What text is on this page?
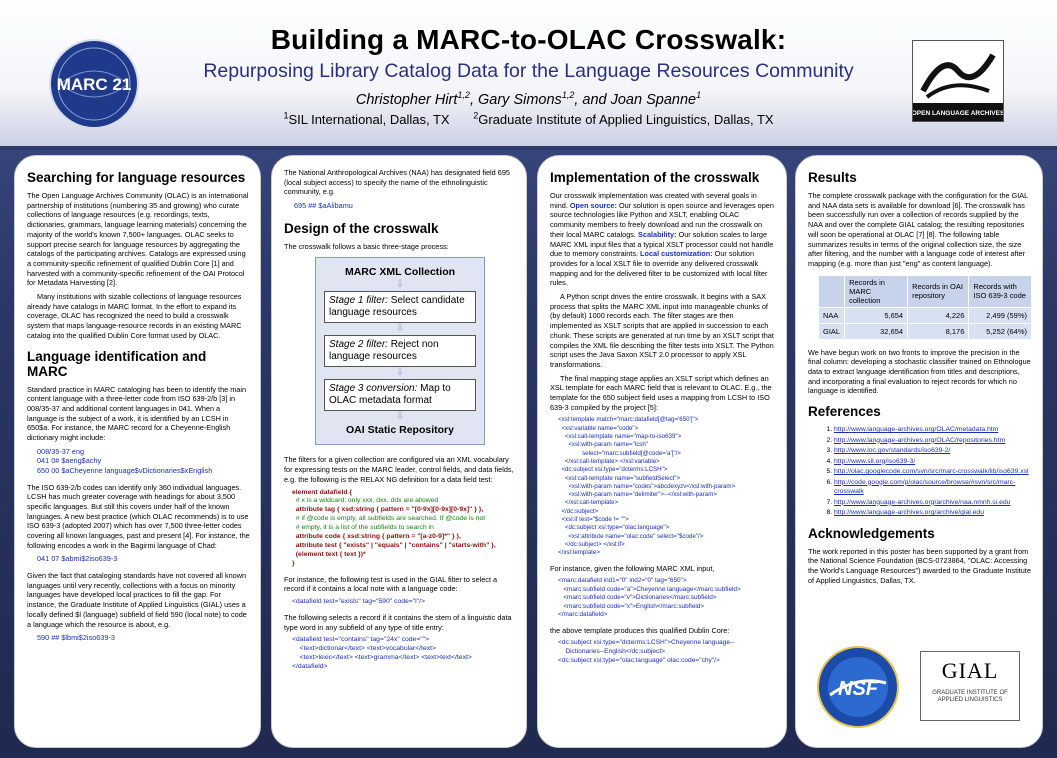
MARC 21
Building a MARC-to-OLAC Crosswalk:
Repurposing Library Catalog Data for the Language Resources Community
Christopher Hirt$^{1,2}$, Gary Simons$^{1,2}$, and Joan Spanne$^1$
$^1$SIL International, Dallas, TX	$^2$Graduate Institute of Applied Linguistics, Dallas, TX	OPEN LANGUAGE ARCHIVES
Searching for language resources

The Open Language Archives Community (OLAC) is an international partnership of institutions (numbering 35 and growing) who curate collections of language resources (e.g. recordings, texts, dictionaries, grammars, language learning materials) concerning the majority of the world's known 7,500+ languages. OLAC seeks to support precise search for language resources by aggregating the catalogs of the participating archives. Catalogs are expressed using a community-specific refinement of qualified Dublin Core [1] and harvested with a community-specific refinement of the OAI Protocol for Metadata Harvesting [2].

Many institutions with sizable collections of language resources already have catalogs in MARC format. In the effort to expand its coverage, OLAC has recognized the need to build a crosswalk system that maps language-resource records in an existing MARC catalog into the qualified Dublin Core format used by OLAC.

Language identification and MARC

Standard practice in MARC cataloging has been to identify the main content language with a three-letter code from ISO 639-2/b [3] in 008/35-37 and additional content languages in 041. When a language is the subject of a work, it is identified by an LCSH in 650$a. For instance, the MARC record for a Cheyenne-English dictionary might include:

008/35-37 eng
041 0# $aeng$achy
650 00 $aCheyenne language$vDictionaries$xEnglish

The ISO 639-2/b codes can identify only 360 individual languages. LCSH has much greater coverage with headings for about 3,500 specific languages. But still this covers under half of the known languages. A new best practice (which OLAC recommends) is to use ISO 639-3 (adopted 2007) which has over 7,500 three-letter codes covering all known languages, past and present [4]. For instance, the following encodes a work in the Bagirmi language of Chad:

041 07 $abmi$2iso639-3

Given the fact that cataloging standards have not covered all known languages until very recently, collections with a focus on minority languages have developed local practices to fill the gap. For instance, the Graduate Institute of Applied Linguistics (GIAL) uses a locally defined $l (language) subfield of field 590 (local note) to code a language which the resource is about, e.g.

590 ## $lbmi$2iso639-3

The National Anthropological Archives (NAA) has designated field 695 (local subject access) to specify the name of the ethnolinguistic community, e.g.

695 ## $aAlibamu
Design of the crosswalk

The crosswalk follows a basic three-stage process:

MARC XML Collection
⇩
Stage 1 filter: Select candidate language resources
⇩
Stage 2 filter: Reject non language resources
⇩
Stage 3 conversion: Map to OLAC metadata format
⇩
OAI Static Repository

The filters for a given collection are configured via an XML vocabulary for expressing tests on the MARC leader, control fields, and data fields, e.g. the following is the RELAX NG definition for a data field test:

element datafield {
# x is a wildcard; only xxx, dxx, ddx are allowed
attribute tag { xsd:string { pattern = "[0-9x][0-9x][0-9x]" } },
# if @code is empty, all subfields are searched. If @code is not
# empty, it is a list of the subfields to search in
attribute code { xsd:string { pattern = "[a-z0-9]*" } },
attribute test { "exists" | "equals" | "contains" | "starts-with" },
(element text { text })*
}

For instance, the following test is used in the GIAL filter to select a record if it contains a local note with a language code:

<datafield test="exists" tag="590" code="l"/>

The following selects a record if it contains the stem of a linguistic data type word in any subfield of any type of title entry:

<datafield test="contains" tag="24x" code="">
<text>dictionar</text> <text>vocabular</text>
<text>lexic</text> <text>gramma</text> <text>text</text>
</datafield>
Implementation of the crosswalk

Our crosswalk implementation was created with several goals in mind. Open source: Our solution is open source and leverages open source technologies like Python and XSLT, enabling OLAC community members to freely download and run the crosswalk on their local MARC catalogs. Scalability: Our solution scales to large MARC XML input files that a typical XSLT processor could not handle due to memory constraints. Local customization: Our solution provides for a local XSLT file to override any delivered crosswalk mapping and for the delivered filter to be customized with local filter rules.

A Python script drives the entire crosswalk. It begins with a SAX process that splits the MARC XML input into manageable chunks of (by default) 1000 records each. The filter stages are then implemented as XSLT scripts that are applied in succession to each chunk. These scripts are generated at run time by an XSLT script that compiles the XML file describing the filter tests into XSLT. The Python script uses the Java Saxon XSLT 2.0 processor to apply XSL transformations.

The final mapping stage applies an XSLT script which defines an XSL template for each MARC field that is relevant to OLAC. E.g., the template for the 650 subject field uses a mapping from LCSH to ISO 639-3 compiled by the project [5]:

<xsl:template match="marc:datafield[@tag='650']">
<xsl:variable name="code">
<xsl:call-template name="map-to-iso639">
<xsl:with-param name="lcsh"
select="marc:subfield[@code='a']"/>
</xsl:call-template> </xsl:variable>
<dc:subject xsi:type="dcterms:LCSH">
<xsl:call-template name="subfieldSelect">
<xsl:with-param name="codes">abcdexyzv</xsl:with-param>
<xsl:with-param name="delimiter">--</xsl:with-param>
</xsl:call-template>
</dc:subject>
<xsl:if test="$code != ''">
<dc:subject xsi:type="olac:language">
<xsl:attribute name="olac:code" select="$code"/>
</dc:subject> </xsl:if>
</xsl:template>

For instance, given the following MARC XML input,

<marc:datafield ind1="0" ind2="0" tag="650">
<marc:subfield code="a">Cheyenne language</marc:subfield>
<marc:subfield code="v">Dictionaries</marc:subfield>
<marc:subfield code="x">English</marc:subfield>
</marc:datafield>

the above template produces this qualified Dublin Core:

<dc:subject xsi:type="dcterms:LCSH">Cheyenne language--
Dictionaries--English</dc:subject>
<dc:subject xsi:type="olac:language" olac:code="chy"/>
Results

The complete crosswalk package with the configuration for the GIAL and NAA data sets is available for download [6]. The crosswalk has been successfully run over a collection of records supplied by the NAA and over the complete GIAL catalog; the resulting repositories will soon be operational at OLAC [7] [8]. The following table summarizes results in terms of the original collection size, the size after filtering, and the number with a language code of interest after mapping (e.g. more than just "eng" as content language).

	Records in MARC collection	Records in OAI repository	Records with ISO 639-3 code
NAA	5,654	4,226	2,499 (59%)
GIAL	32,654	8,176	5,252 (64%)

We have begun work on two fronts to improve the precision in the final column: developing a stochastic classifier trained on Ethnologue data to extract language identification from titles and descriptions, and incorporating a final evaluation to reject records for which no language is identified.

References
1. http://www.language-archives.org/OLAC/metadata.htm
2. http://www.language-archives.org/OLAC/repositories.htm
3. http://www.loc.gov/standards/iso639-2/
4. http://www.sil.org/iso639-3/
5. http://olac.googlecode.com/svn/src/marc-crosswalk/lib/iso639.xsl
6. http://code.google.com/p/olac/source/browse/#svn/src/marc-crosswalk
7. http://www.language-archives.org/archive/naa.nmnh.si.edu
8. http://www.language-archives.org/archive/gial.edu
Acknowledgements

The work reported in this poster has been supported by a grant from the National Science Foundation (BCS-0723864, "OLAC: Accessing the World's Language Resources") awarded to the Graduate Institute of Applied Linguistics, Dallas, TX.

NSF
GIAL
GRADUATE INSTITUTE OF APPLIED LINGUISTICS
